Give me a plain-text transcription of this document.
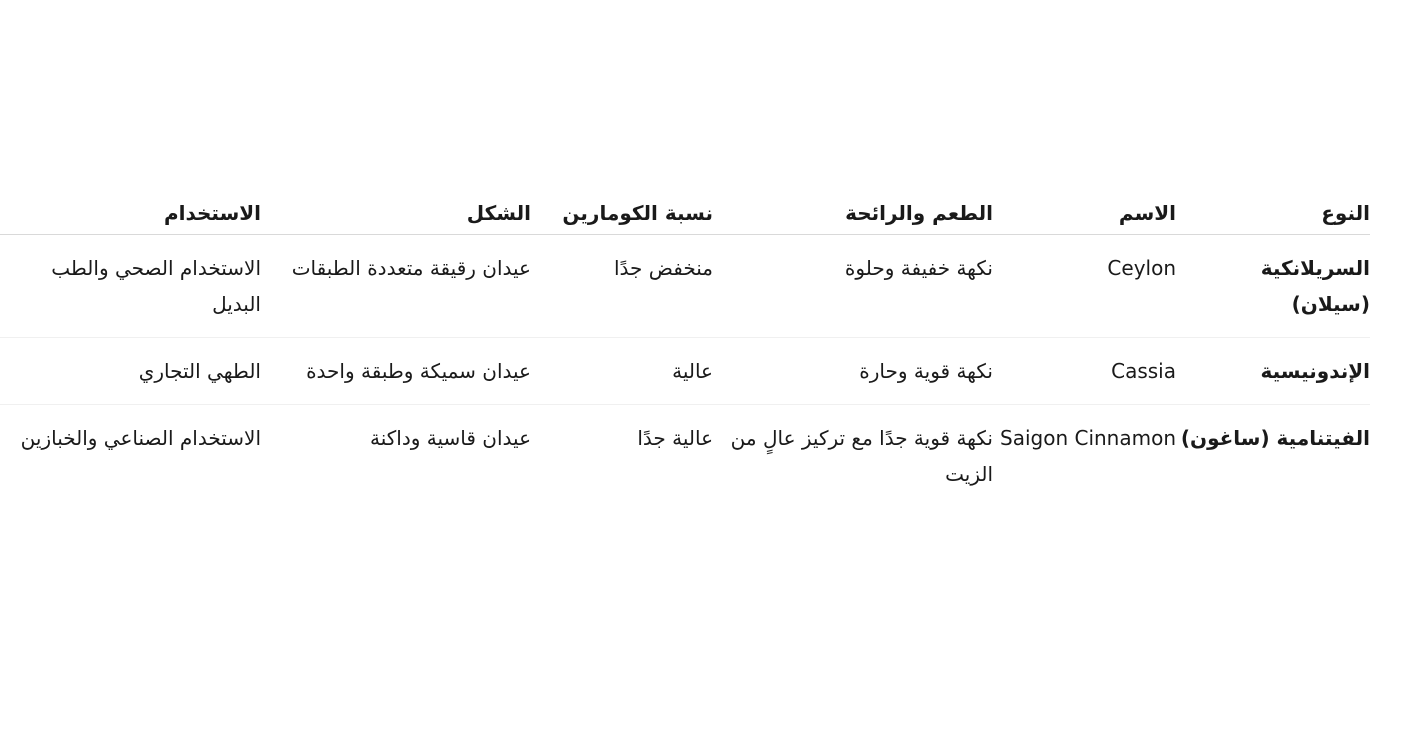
النوع	الاسم	الطعم والرائحة	نسبة الكومارين	الشكل	الاستخدام
السريلانكية (سيلان)	Ceylon	نكهة خفيفة وحلوة	منخفض جدًا	عيدان رقيقة متعددة الطبقات	الاستخدام الصحي والطب البديل
الإندونيسية	Cassia	نكهة قوية وحارة	عالية	عيدان سميكة وطبقة واحدة	الطهي التجاري
الفيتنامية (ساغون)	Saigon Cinnamon	نكهة قوية جدًا مع تركيز عالٍ من الزيت	عالية جدًا	عيدان قاسية وداكنة	الاستخدام الصناعي والخبازين
